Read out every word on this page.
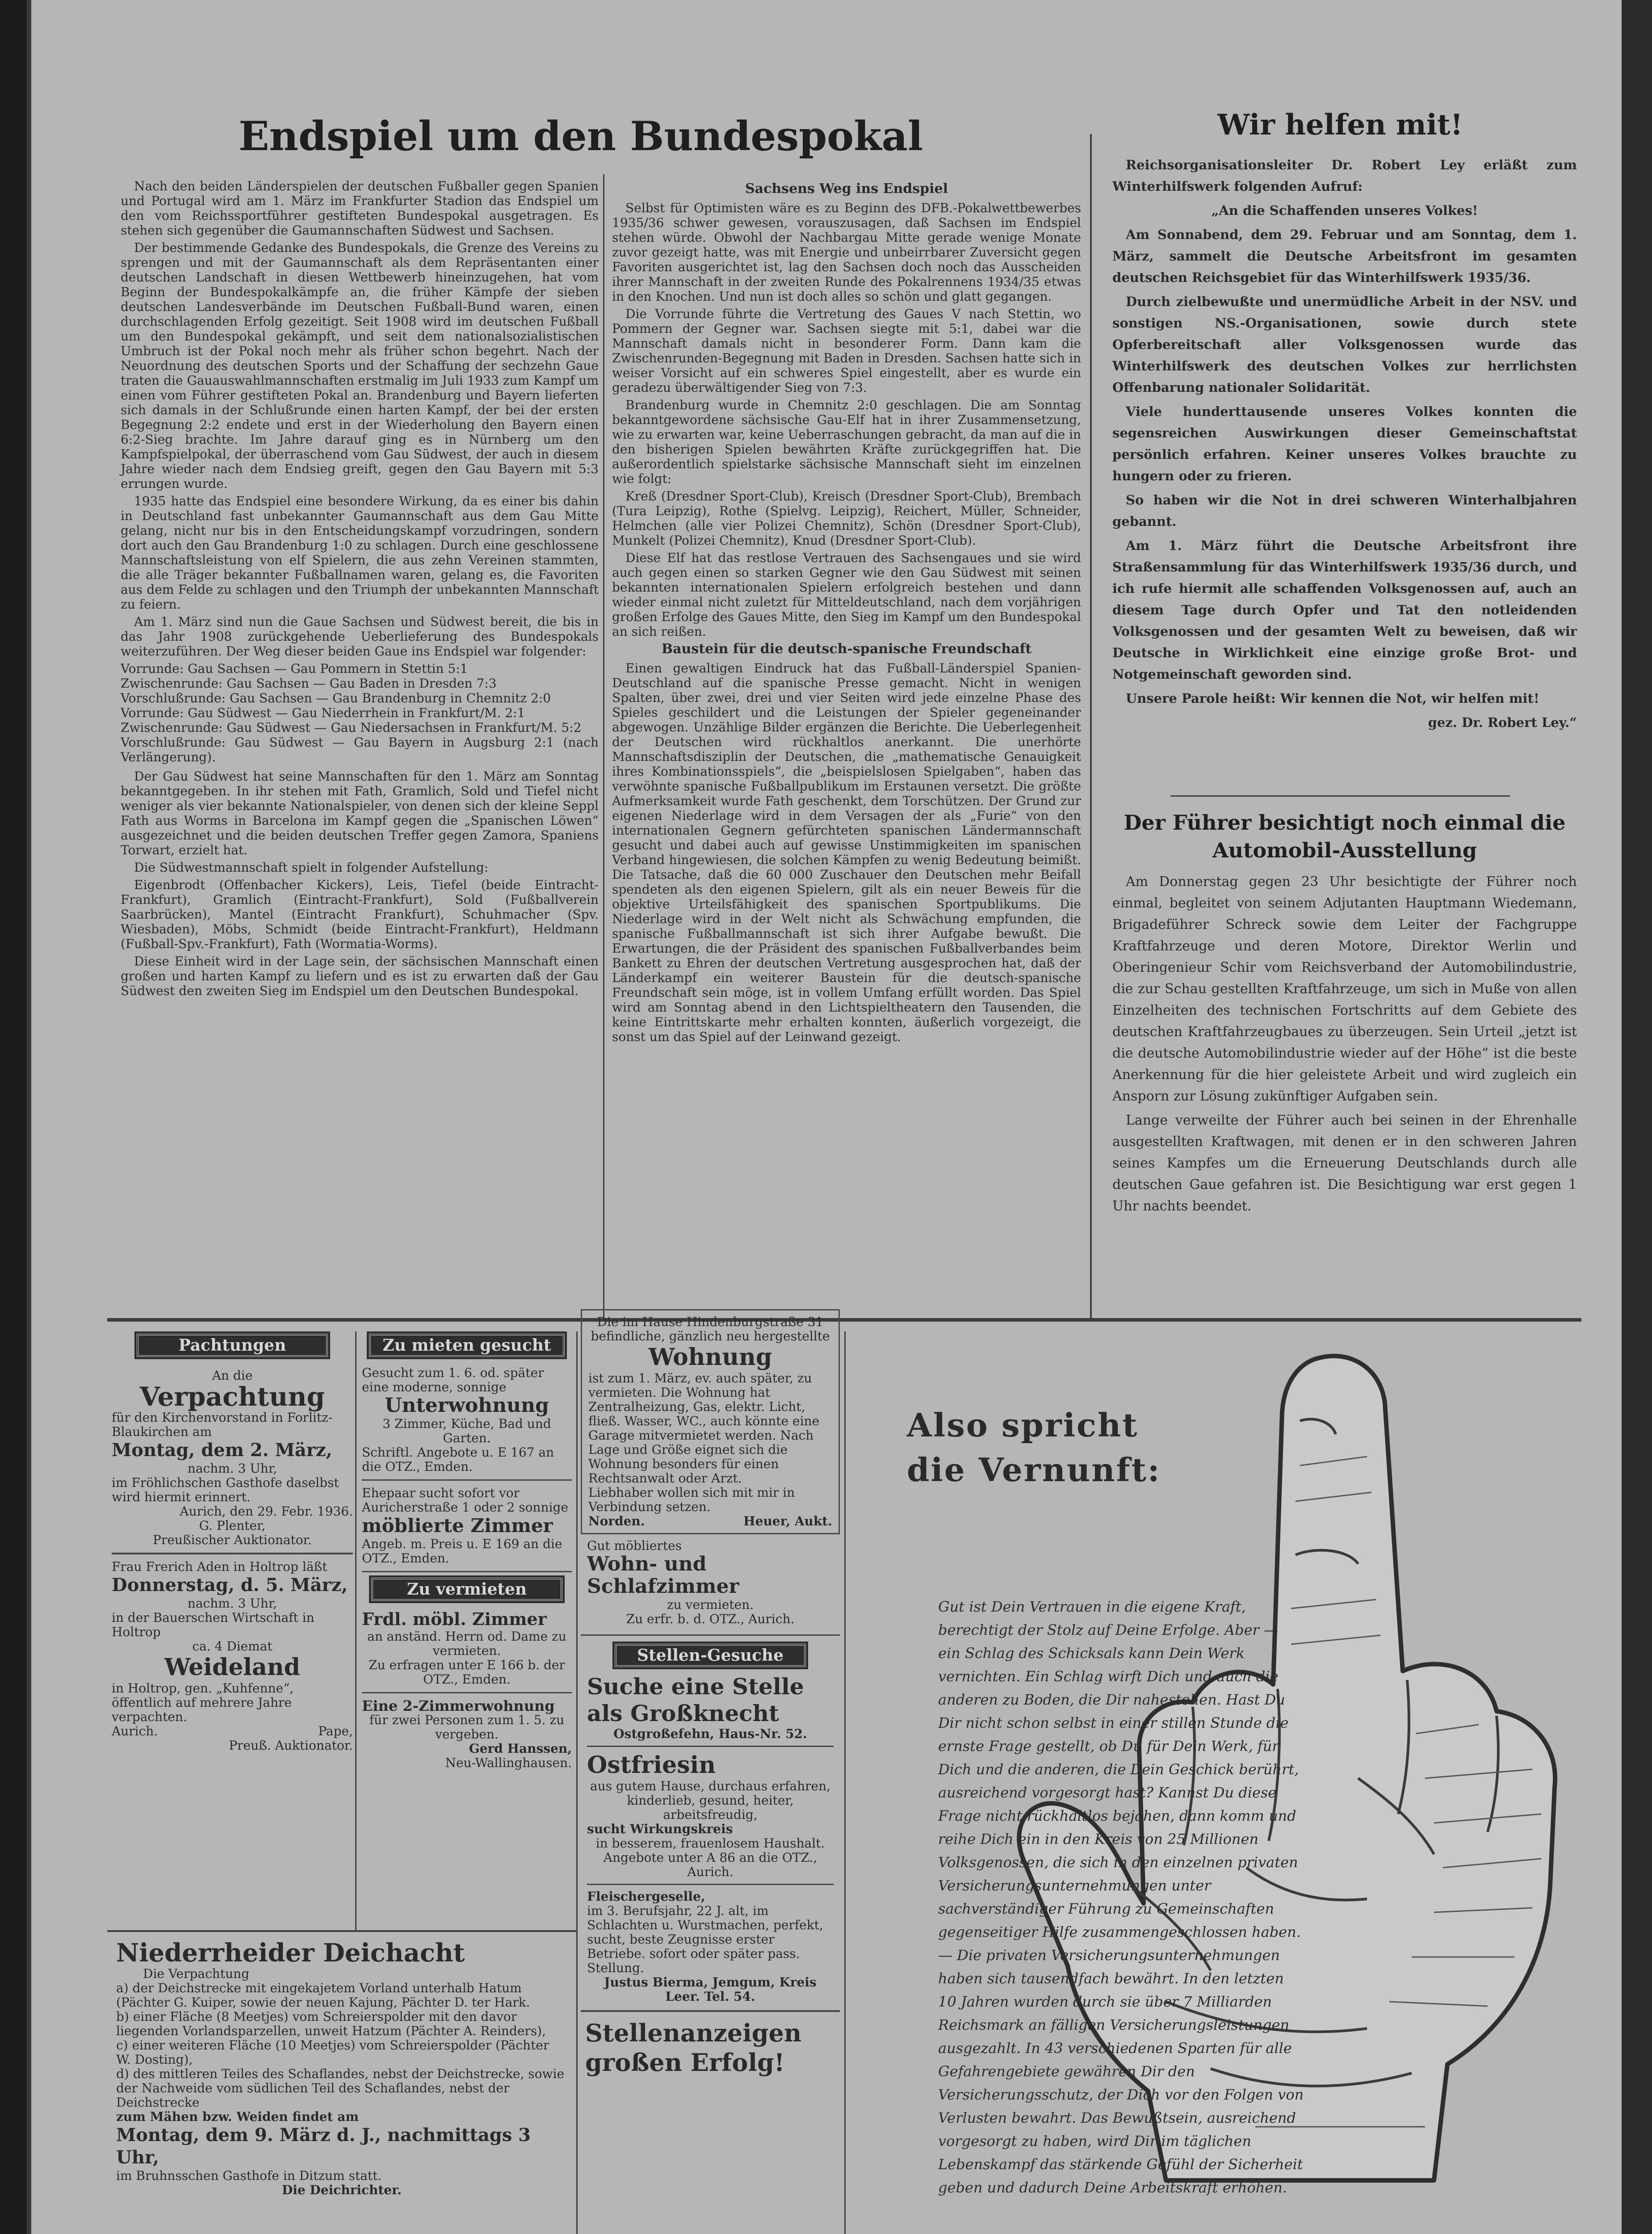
Endspiel um den Bundespokal

Nach den beiden Länderspielen der deutschen Fußballer gegen Spanien und Portugal wird am 1. März im Frankfurter Stadion das Endspiel um den vom Reichssportführer gestifteten Bundespokal ausgetragen. Es stehen sich gegenüber die Gaumannschaften Südwest und Sachsen.

Der bestimmende Gedanke des Bundespokals, die Grenze des Vereins zu sprengen und mit der Gaumannschaft als dem Repräsentanten einer deutschen Landschaft in diesen Wettbewerb hineinzugehen, hat vom Beginn der Bundespokalkämpfe an, die früher Kämpfe der sieben deutschen Landesverbände im Deutschen Fußball-Bund waren, einen durchschlagenden Erfolg gezeitigt. Seit 1908 wird im deutschen Fußball um den Bundespokal gekämpft, und seit dem nationalsozialistischen Umbruch ist der Pokal noch mehr als früher schon begehrt. Nach der Neuordnung des deutschen Sports und der Schaffung der sechzehn Gaue traten die Gauauswahlmannschaften erstmalig im Juli 1933 zum Kampf um einen vom Führer gestifteten Pokal an. Brandenburg und Bayern lieferten sich damals in der Schlußrunde einen harten Kampf, der bei der ersten Begegnung 2:2 endete und erst in der Wiederholung den Bayern einen 6:2-Sieg brachte. Im Jahre darauf ging es in Nürnberg um den Kampfspielpokal, der überraschend vom Gau Südwest, der auch in diesem Jahre wieder nach dem Endsieg greift, gegen den Gau Bayern mit 5:3 errungen wurde.

1935 hatte das Endspiel eine besondere Wirkung, da es einer bis dahin in Deutschland fast unbekannter Gaumannschaft aus dem Gau Mitte gelang, nicht nur bis in den Entscheidungskampf vorzudringen, sondern dort auch den Gau Brandenburg 1:0 zu schlagen. Durch eine geschlossene Mannschaftsleistung von elf Spielern, die aus zehn Vereinen stammten, die alle Träger bekannter Fußballnamen waren, gelang es, die Favoriten aus dem Felde zu schlagen und den Triumph der unbekannten Mannschaft zu feiern.

Am 1. März sind nun die Gaue Sachsen und Südwest bereit, die bis in das Jahr 1908 zurückgehende Ueberlieferung des Bundespokals weiterzuführen. Der Weg dieser beiden Gaue ins Endspiel war folgender:

Vorrunde: Gau Sachsen — Gau Pommern in Stettin 5:1
Zwischenrunde: Gau Sachsen — Gau Baden in Dresden 7:3
Vorschlußrunde: Gau Sachsen — Gau Brandenburg in Chemnitz 2:0
Vorrunde: Gau Südwest — Gau Niederrhein in Frankfurt/M. 2:1
Zwischenrunde: Gau Südwest — Gau Niedersachsen in Frankfurt/M. 5:2
Vorschlußrunde: Gau Südwest — Gau Bayern in Augsburg 2:1 (nach Verlängerung).

Der Gau Südwest hat seine Mannschaften für den 1. März am Sonntag bekanntgegeben. In ihr stehen mit Fath, Gramlich, Sold und Tiefel nicht weniger als vier bekannte Nationalspieler, von denen sich der kleine Seppl Fath aus Worms in Barcelona im Kampf gegen die „Spanischen Löwen“ ausgezeichnet und die beiden deutschen Treffer gegen Zamora, Spaniens Torwart, erzielt hat.

Die Südwestmannschaft spielt in folgender Aufstellung:

Eigenbrodt (Offenbacher Kickers), Leis, Tiefel (beide Eintracht-Frankfurt), Gramlich (Eintracht-Frankfurt), Sold (Fußballverein Saarbrücken), Mantel (Eintracht Frankfurt), Schuhmacher (Spv. Wiesbaden), Möbs, Schmidt (beide Eintracht-Frankfurt), Heldmann (Fußball-Spv.-Frankfurt), Fath (Wormatia-Worms).

Diese Einheit wird in der Lage sein, der sächsischen Mannschaft einen großen und harten Kampf zu liefern und es ist zu erwarten daß der Gau Südwest den zweiten Sieg im Endspiel um den Deutschen Bundespokal.

Sachsens Weg ins Endspiel

Selbst für Optimisten wäre es zu Beginn des DFB.-Pokalwettbewerbes 1935/36 schwer gewesen, vorauszusagen, daß Sachsen im Endspiel stehen würde. Obwohl der Nachbargau Mitte gerade wenige Monate zuvor gezeigt hatte, was mit Energie und unbeirrbarer Zuversicht gegen Favoriten ausgerichtet ist, lag den Sachsen doch noch das Ausscheiden ihrer Mannschaft in der zweiten Runde des Pokalrennens 1934/35 etwas in den Knochen. Und nun ist doch alles so schön und glatt gegangen.

Die Vorrunde führte die Vertretung des Gaues V nach Stettin, wo Pommern der Gegner war. Sachsen siegte mit 5:1, dabei war die Mannschaft damals nicht in besonderer Form. Dann kam die Zwischenrunden-Begegnung mit Baden in Dresden. Sachsen hatte sich in weiser Vorsicht auf ein schweres Spiel eingestellt, aber es wurde ein geradezu überwältigender Sieg von 7:3.

Brandenburg wurde in Chemnitz 2:0 geschlagen. Die am Sonntag bekanntgewordene sächsische Gau-Elf hat in ihrer Zusammensetzung, wie zu erwarten war, keine Ueberraschungen gebracht, da man auf die in den bisherigen Spielen bewährten Kräfte zurückgegriffen hat. Die außerordentlich spielstarke sächsische Mannschaft sieht im einzelnen wie folgt:

Kreß (Dresdner Sport-Club), Kreisch (Dresdner Sport-Club), Brembach (Tura Leipzig), Rothe (Spielvg. Leipzig), Reichert, Müller, Schneider, Helmchen (alle vier Polizei Chemnitz), Schön (Dresdner Sport-Club), Munkelt (Polizei Chemnitz), Knud (Dresdner Sport-Club).

Diese Elf hat das restlose Vertrauen des Sachsengaues und sie wird auch gegen einen so starken Gegner wie den Gau Südwest mit seinen bekannten internationalen Spielern erfolgreich bestehen und dann wieder einmal nicht zuletzt für Mitteldeutschland, nach dem vorjährigen großen Erfolge des Gaues Mitte, den Sieg im Kampf um den Bundespokal an sich reißen.

Baustein für die deutsch-spanische Freundschaft

Einen gewaltigen Eindruck hat das Fußball-Länderspiel Spanien-Deutschland auf die spanische Presse gemacht. Nicht in wenigen Spalten, über zwei, drei und vier Seiten wird jede einzelne Phase des Spieles geschildert und die Leistungen der Spieler gegeneinander abgewogen. Unzählige Bilder ergänzen die Berichte. Die Ueberlegenheit der Deutschen wird rückhaltlos anerkannt. Die unerhörte Mannschaftsdisziplin der Deutschen, die „mathematische Genauigkeit ihres Kombinationsspiels“, die „beispielslosen Spielgaben“, haben das verwöhnte spanische Fußballpublikum im Erstaunen versetzt. Die größte Aufmerksamkeit wurde Fath geschenkt, dem Torschützen. Der Grund zur eigenen Niederlage wird in dem Versagen der als „Furie“ von den internationalen Gegnern gefürchteten spanischen Ländermannschaft gesucht und dabei auch auf gewisse Unstimmigkeiten im spanischen Verband hingewiesen, die solchen Kämpfen zu wenig Bedeutung beimißt. Die Tatsache, daß die 60 000 Zuschauer den Deutschen mehr Beifall spendeten als den eigenen Spielern, gilt als ein neuer Beweis für die objektive Urteilsfähigkeit des spanischen Sportpublikums. Die Niederlage wird in der Welt nicht als Schwächung empfunden, die spanische Fußballmannschaft ist sich ihrer Aufgabe bewußt. Die Erwartungen, die der Präsident des spanischen Fußballverbandes beim Bankett zu Ehren der deutschen Vertretung ausgesprochen hat, daß der Länderkampf ein weiterer Baustein für die deutsch-spanische Freundschaft sein möge, ist in vollem Umfang erfüllt worden. Das Spiel wird am Sonntag abend in den Lichtspieltheatern den Tausenden, die keine Eintrittskarte mehr erhalten konnten, äußerlich vorgezeigt, die sonst um das Spiel auf der Leinwand gezeigt.

Wir helfen mit!

Reichsorganisationsleiter Dr. Robert Ley erläßt zum Winterhilfswerk folgenden Aufruf:

„An die Schaffenden unseres Volkes!

Am Sonnabend, dem 29. Februar und am Sonntag, dem 1. März, sammelt die Deutsche Arbeitsfront im gesamten deutschen Reichsgebiet für das Winterhilfswerk 1935/36.

Durch zielbewußte und unermüdliche Arbeit in der NSV. und sonstigen NS.-Organisationen, sowie durch stete Opferbereitschaft aller Volksgenossen wurde das Winterhilfswerk des deutschen Volkes zur herrlichsten Offenbarung nationaler Solidarität.

Viele hunderttausende unseres Volkes konnten die segensreichen Auswirkungen dieser Gemeinschaftstat persönlich erfahren. Keiner unseres Volkes brauchte zu hungern oder zu frieren.

So haben wir die Not in drei schweren Winterhalbjahren gebannt.

Am 1. März führt die Deutsche Arbeitsfront ihre Straßensammlung für das Winterhilfswerk 1935/36 durch, und ich rufe hiermit alle schaffenden Volksgenossen auf, auch an diesem Tage durch Opfer und Tat den notleidenden Volksgenossen und der gesamten Welt zu beweisen, daß wir Deutsche in Wirklichkeit eine einzige große Brot- und Notgemeinschaft geworden sind.

Unsere Parole heißt: Wir kennen die Not, wir helfen mit!

gez. Dr. Robert Ley.“

Der Führer besichtigt noch einmal die Automobil-Ausstellung

Am Donnerstag gegen 23 Uhr besichtigte der Führer noch einmal, begleitet von seinem Adjutanten Hauptmann Wiedemann, Brigadeführer Schreck sowie dem Leiter der Fachgruppe Kraftfahrzeuge und deren Motore, Direktor Werlin und Oberingenieur Schir vom Reichsverband der Automobilindustrie, die zur Schau gestellten Kraftfahrzeuge, um sich in Muße von allen Einzelheiten des technischen Fortschritts auf dem Gebiete des deutschen Kraftfahrzeugbaues zu überzeugen. Sein Urteil „jetzt ist die deutsche Automobilindustrie wieder auf der Höhe“ ist die beste Anerkennung für die hier geleistete Arbeit und wird zugleich ein Ansporn zur Lösung zukünftiger Aufgaben sein.

Lange verweilte der Führer auch bei seinen in der Ehrenhalle ausgestellten Kraftwagen, mit denen er in den schweren Jahren seines Kampfes um die Erneuerung Deutschlands durch alle deutschen Gaue gefahren ist. Die Besichtigung war erst gegen 1 Uhr nachts beendet.

Pachtungen
An die
Verpachtung
für den Kirchenvorstand in Forlitz-Blaukirchen am
Montag, dem 2. März,
nachm. 3 Uhr,
im Fröhlichschen Gasthofe daselbst wird hiermit erinnert.
Aurich, den 29. Febr. 1936.
G. Plenter,
Preußischer Auktionator.
Frau Frerich Aden in Holtrop läßt
Donnerstag, d. 5. März,
nachm. 3 Uhr,
in der Bauerschen Wirtschaft in Holtrop
ca. 4 Diemat
Weideland
in Holtrop, gen. „Kuhfenne“, öffentlich auf mehrere Jahre verpachten.
Aurich.	Pape,
Preuß. Auktionator.
Zu mieten gesucht
Gesucht zum 1. 6. od. später eine moderne, sonnige
Unterwohnung
3 Zimmer, Küche, Bad und Garten.
Schriftl. Angebote u. E 167 an die OTZ., Emden.
Ehepaar sucht sofort vor Auricherstraße 1 oder 2 sonnige
möblierte Zimmer
Angeb. m. Preis u. E 169 an die OTZ., Emden.
Zu vermieten
Frdl. möbl. Zimmer
an anständ. Herrn od. Dame zu vermieten.
Zu erfragen unter E 166 b. der OTZ., Emden.
Eine 2-Zimmerwohnung
für zwei Personen zum 1. 5. zu vergeben.
Gerd Hanssen,
Neu-Wallinghausen.
Niederrheider Deichacht
Die Verpachtung
a) der Deichstrecke mit eingekajetem Vorland unterhalb Hatum (Pächter G. Kuiper, sowie der neuen Kajung, Pächter D. ter Hark.
b) einer Fläche (8 Meetjes) vom Schreierspolder mit den davor liegenden Vorlandsparzellen, unweit Hatzum (Pächter A. Reinders),
c) einer weiteren Fläche (10 Meetjes) vom Schreierspolder (Pächter W. Dosting),
d) des mittleren Teiles des Schaflandes, nebst der Deichstrecke, sowie der Nachweide vom südlichen Teil des Schaflandes, nebst der Deichstrecke
zum Mähen bzw. Weiden findet am
Montag, dem 9. März d. J., nachmittags 3 Uhr,
im Bruhnsschen Gasthofe in Ditzum statt.
Die Deichrichter.
Die im Hause Hindenburgstraße 31 befindliche, gänzlich neu hergestellte
Wohnung
ist zum 1. März, ev. auch später, zu vermieten. Die Wohnung hat Zentralheizung, Gas, elektr. Licht, fließ. Wasser, WC., auch könnte eine Garage mitvermietet werden. Nach Lage und Größe eignet sich die Wohnung besonders für einen Rechtsanwalt oder Arzt.
Liebhaber wollen sich mit mir in Verbindung setzen.
Norden.	Heuer, Aukt.
Gut möbliertes
Wohn- und Schlafzimmer
zu vermieten.
Zu erfr. b. d. OTZ., Aurich.
Stellen-Gesuche
Suche eine Stelle als Großknecht
Ostgroßefehn, Haus-Nr. 52.
Ostfriesin
aus gutem Hause, durchaus erfahren, kinderlieb, gesund, heiter, arbeitsfreudig,
sucht Wirkungskreis
in besserem, frauenlosem Haushalt.
Angebote unter A 86 an die OTZ., Aurich.
Fleischergeselle,
im 3. Berufsjahr, 22 J. alt, im Schlachten u. Wurstmachen, perfekt, sucht, beste Zeugnisse erster Betriebe. sofort oder später pass. Stellung.
Justus Bierma, Jemgum, Kreis Leer. Tel. 54.
Stellenanzeigen
großen Erfolg!
Also spricht
die Vernunft:
Gut ist Dein Vertrauen in die eigene Kraft, berechtigt der Stolz auf Deine Erfolge. Aber — ein Schlag des Schicksals kann Dein Werk vernichten. Ein Schlag wirft Dich und auch die anderen zu Boden, die Dir nahestehen. Hast Du Dir nicht schon selbst in einer stillen Stunde die ernste Frage gestellt, ob Du für Dein Werk, für Dich und die anderen, die Dein Geschick berührt, ausreichend vorgesorgt hast? Kannst Du diese Frage nicht rückhaltlos bejahen, dann komm und reihe Dich ein in den Kreis von 25 Millionen Volksgenossen, die sich in den einzelnen privaten Versicherungsunternehmungen unter sachverständiger Führung zu Gemeinschaften gegenseitiger Hilfe zusammengeschlossen haben. — Die privaten Versicherungsunternehmungen haben sich tausendfach bewährt. In den letzten 10 Jahren wurden durch sie über 7 Milliarden Reichsmark an fälligen Versicherungsleistungen ausgezahlt. In 43 verschiedenen Sparten für alle Gefahrengebiete gewähren Dir den Versicherungsschutz, der Dich vor den Folgen von Verlusten bewahrt. Das Bewußtsein, ausreichend vorgesorgt zu haben, wird Dir im täglichen Lebenskampf das stärkende Gefühl der Sicherheit geben und dadurch Deine Arbeitskraft erhöhen.
